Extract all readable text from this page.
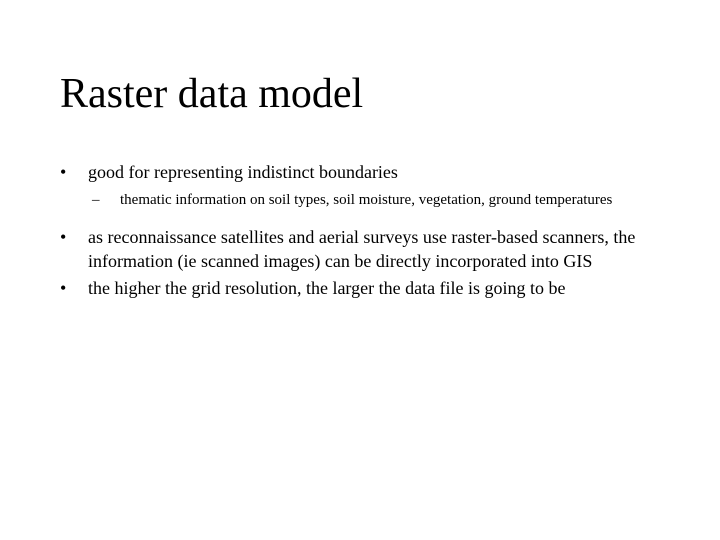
Raster data model
•	good for representing indistinct boundaries
– thematic information on soil types, soil moisture, vegetation, ground temperatures
•	as reconnaissance satellites and aerial surveys use raster-based scanners, the information (ie scanned images) can be directly incorporated into GIS
•	the higher the grid resolution, the larger the data file is going to be
